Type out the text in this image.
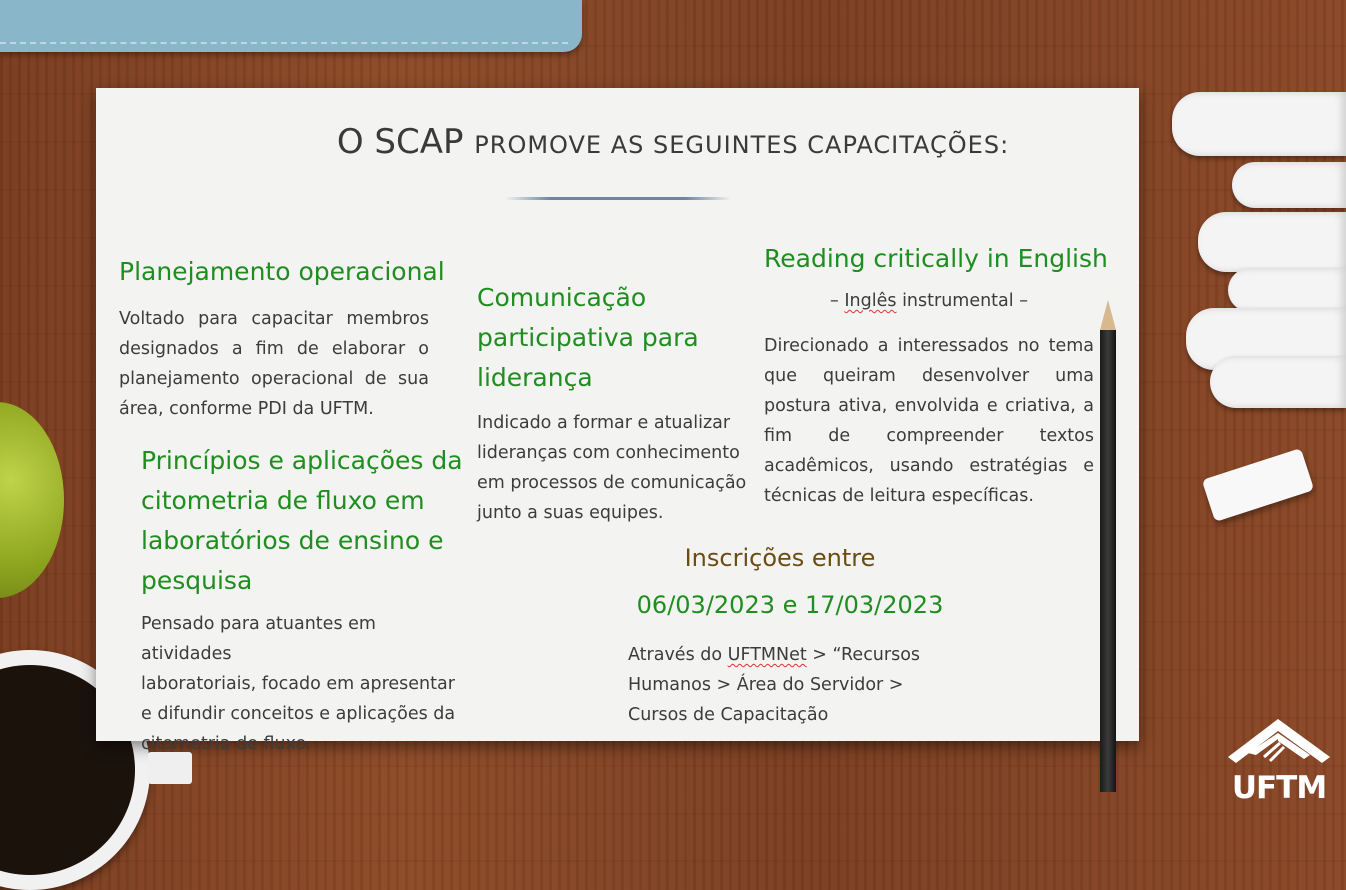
O SCAP PROMOVE AS SEGUINTES CAPACITAÇÕES:
Planejamento operacional
Voltado para capacitar membros
designados a fim de elaborar o
planejamento operacional de sua
área, conforme PDI da UFTM.
Princípios e aplicações da
citometria de fluxo em
laboratórios de ensino e
pesquisa
Pensado para atuantes em atividades
laboratoriais, focado em apresentar
e difundir conceitos e aplicações da
citometria de fluxo.
Comunicação
participativa para
liderança
Indicado a formar e atualizar
lideranças com conhecimento
em processos de comunicação
junto a suas equipes.
Reading critically in English
– Inglês instrumental –
Direcionado a interessados no tema
que queiram desenvolver uma
postura ativa, envolvida e criativa, a
fim de compreender textos
acadêmicos, usando estratégias e
técnicas de leitura específicas.
Inscrições entre
06/03/2023 e 17/03/2023
Através do UFTMNet > “Recursos
Humanos > Área do Servidor >
Cursos de Capacitação
UFTM
